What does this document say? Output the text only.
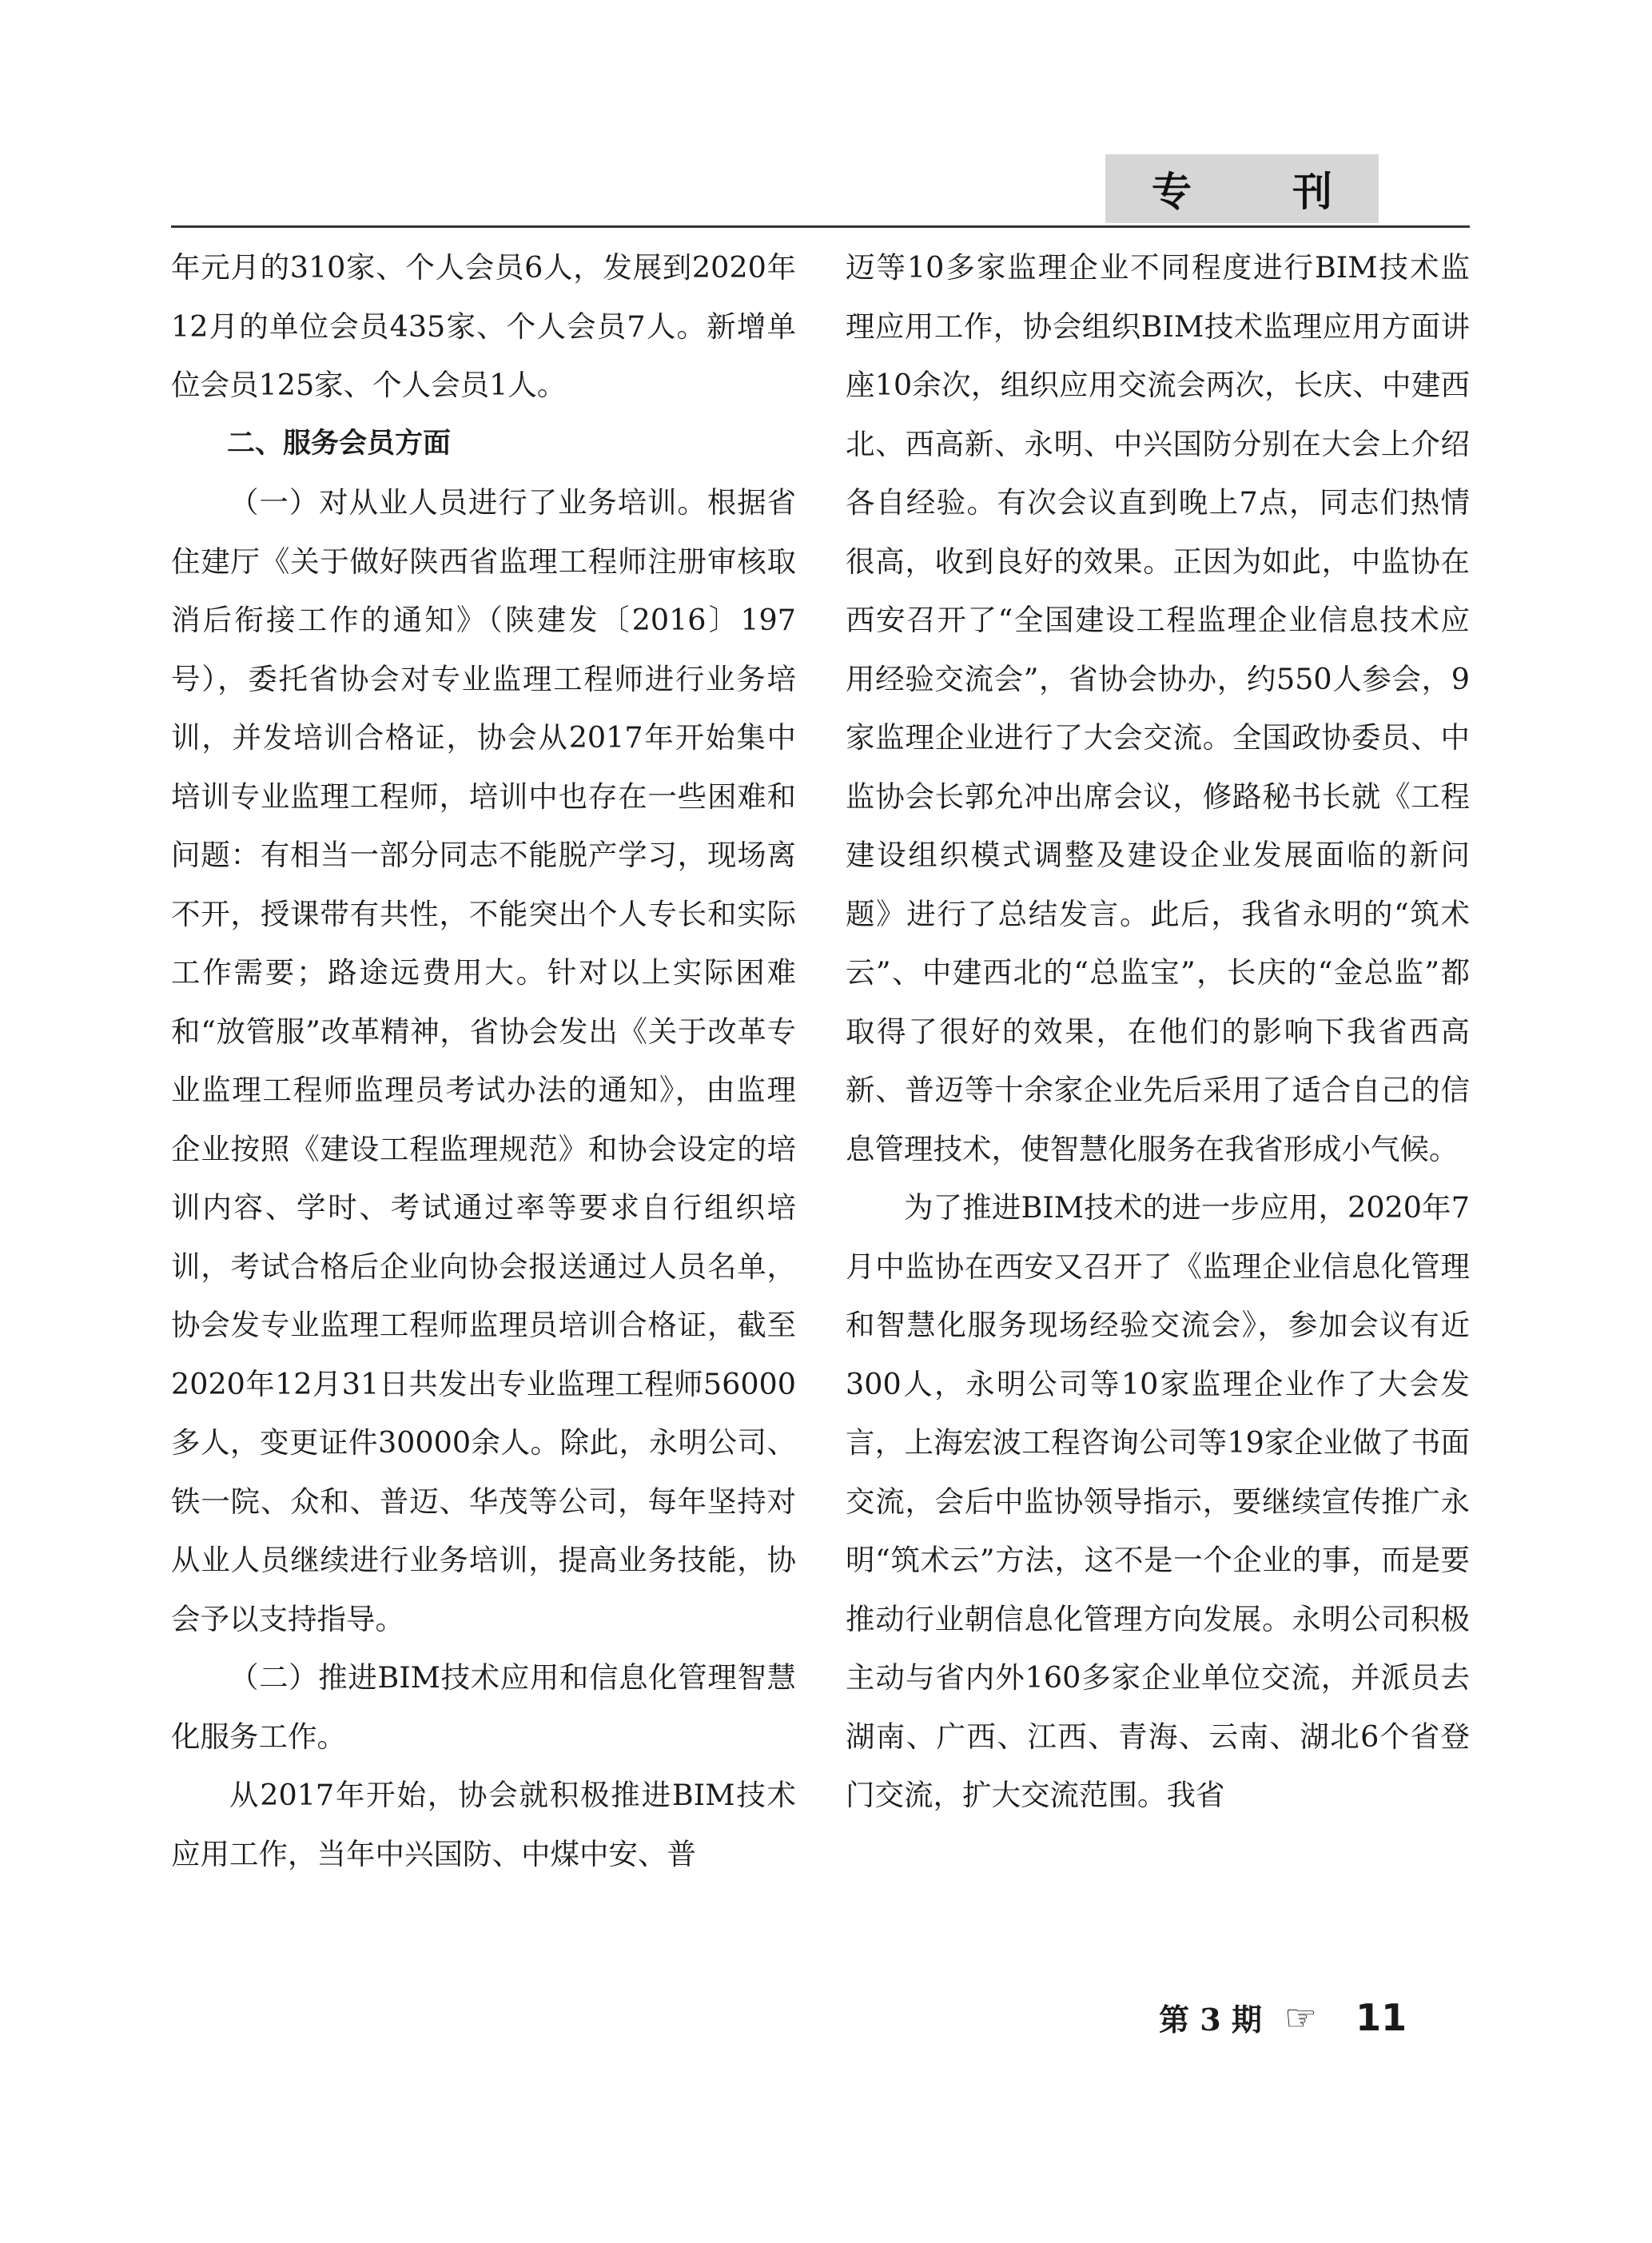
专	刊

年元月的310家、个人会员6人，发展到2020年12月的单位会员435家、个人会员7人。新增单位会员125家、个人会员1人。

二、服务会员方面

（一）对从业人员进行了业务培训。根据省住建厅《关于做好陕西省监理工程师注册审核取消后衔接工作的通知》（陕建发〔2016〕197号），委托省协会对专业监理工程师进行业务培训，并发培训合格证，协会从2017年开始集中培训专业监理工程师，培训中也存在一些困难和问题：有相当一部分同志不能脱产学习，现场离不开，授课带有共性，不能突出个人专长和实际工作需要；路途远费用大。针对以上实际困难和“放管服”改革精神，省协会发出《关于改革专业监理工程师监理员考试办法的通知》，由监理企业按照《建设工程监理规范》和协会设定的培训内容、学时、考试通过率等要求自行组织培训，考试合格后企业向协会报送通过人员名单，协会发专业监理工程师监理员培训合格证，截至2020年12月31日共发出专业监理工程师56000多人，变更证件30000余人。除此，永明公司、铁一院、众和、普迈、华茂等公司，每年坚持对从业人员继续进行业务培训，提高业务技能，协会予以支持指导。

（二）推进BIM技术应用和信息化管理智慧化服务工作。

从2017年开始，协会就积极推进BIM技术应用工作，当年中兴国防、中煤中安、普

迈等10多家监理企业不同程度进行BIM技术监理应用工作，协会组织BIM技术监理应用方面讲座10余次，组织应用交流会两次，长庆、中建西北、西高新、永明、中兴国防分别在大会上介绍各自经验。有次会议直到晚上7点，同志们热情很高，收到良好的效果。正因为如此，中监协在西安召开了“全国建设工程监理企业信息技术应用经验交流会”，省协会协办，约550人参会，9家监理企业进行了大会交流。全国政协委员、中监协会长郭允冲出席会议，修路秘书长就《工程建设组织模式调整及建设企业发展面临的新问题》进行了总结发言。此后，我省永明的“筑术云”、中建西北的“总监宝”，长庆的“金总监”都取得了很好的效果，在他们的影响下我省西高新、普迈等十余家企业先后采用了适合自己的信息管理技术，使智慧化服务在我省形成小气候。

为了推进BIM技术的进一步应用，2020年7月中监协在西安又召开了《监理企业信息化管理和智慧化服务现场经验交流会》，参加会议有近300人，永明公司等10家监理企业作了大会发言，上海宏波工程咨询公司等19家企业做了书面交流，会后中监协领导指示，要继续宣传推广永明“筑术云”方法，这不是一个企业的事，而是要推动行业朝信息化管理方向发展。永明公司积极主动与省内外160多家企业单位交流，并派员去湖南、广西、江西、青海、云南、湖北6个省登门交流，扩大交流范围。我省

第 3 期 ☞ 11
